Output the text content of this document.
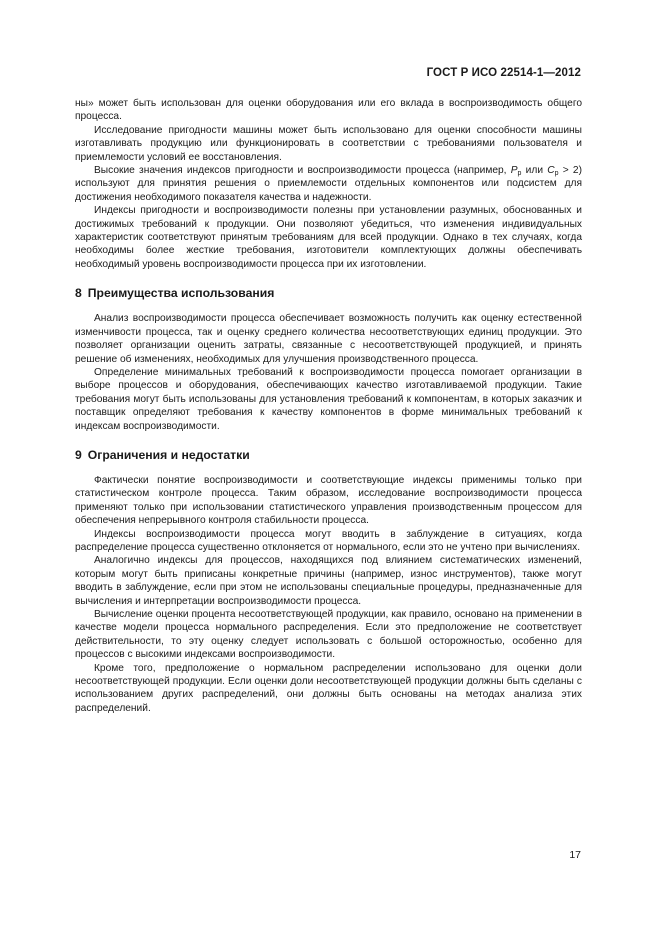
ГОСТ Р ИСО 22514-1—2012

ны» может быть использован для оценки оборудования или его вклада в воспроизводимость общего процесса.

Исследование пригодности машины может быть использовано для оценки способности машины изготавливать продукцию или функционировать в соответствии с требованиями пользователя и приемлемости условий ее восстановления.

Высокие значения индексов пригодности и воспроизводимости процесса (например, $P_p$ или $C_p > 2$) используют для принятия решения о приемлемости отдельных компонентов или подсистем для достижения необходимого показателя качества и надежности.

Индексы пригодности и воспроизводимости полезны при установлении разумных, обоснованных и достижимых требований к продукции. Они позволяют убедиться, что изменения индивидуальных характеристик соответствуют принятым требованиям для всей продукции. Однако в тех случаях, когда необходимы более жесткие требования, изготовители комплектующих должны обеспечивать необходимый уровень воспроизводимости процесса при их изготовлении.

8 Преимущества использования

Анализ воспроизводимости процесса обеспечивает возможность получить как оценку естественной изменчивости процесса, так и оценку среднего количества несоответствующих единиц продукции. Это позволяет организации оценить затраты, связанные с несоответствующей продукцией, и принять решение об изменениях, необходимых для улучшения производственного процесса.

Определение минимальных требований к воспроизводимости процесса помогает организации в выборе процессов и оборудования, обеспечивающих качество изготавливаемой продукции. Такие требования могут быть использованы для установления требований к компонентам, в которых заказчик и поставщик определяют требования к качеству компонентов в форме минимальных требований к индексам воспроизводимости.

9 Ограничения и недостатки

Фактически понятие воспроизводимости и соответствующие индексы применимы только при статистическом контроле процесса. Таким образом, исследование воспроизводимости процесса применяют только при использовании статистического управления производственным процессом для обеспечения непрерывного контроля стабильности процесса.

Индексы воспроизводимости процесса могут вводить в заблуждение в ситуациях, когда распределение процесса существенно отклоняется от нормального, если это не учтено при вычислениях.

Аналогично индексы для процессов, находящихся под влиянием систематических изменений, которым могут быть приписаны конкретные причины (например, износ инструментов), также могут вводить в заблуждение, если при этом не использованы специальные процедуры, предназначенные для вычисления и интерпретации воспроизводимости процесса.

Вычисление оценки процента несоответствующей продукции, как правило, основано на применении в качестве модели процесса нормального распределения. Если это предположение не соответствует действительности, то эту оценку следует использовать с большой осторожностью, особенно для процессов с высокими индексами воспроизводимости.

Кроме того, предположение о нормальном распределении использовано для оценки доли несоответствующей продукции. Если оценки доли несоответствующей продукции должны быть сделаны с использованием других распределений, они должны быть основаны на методах анализа этих распределений.

17
